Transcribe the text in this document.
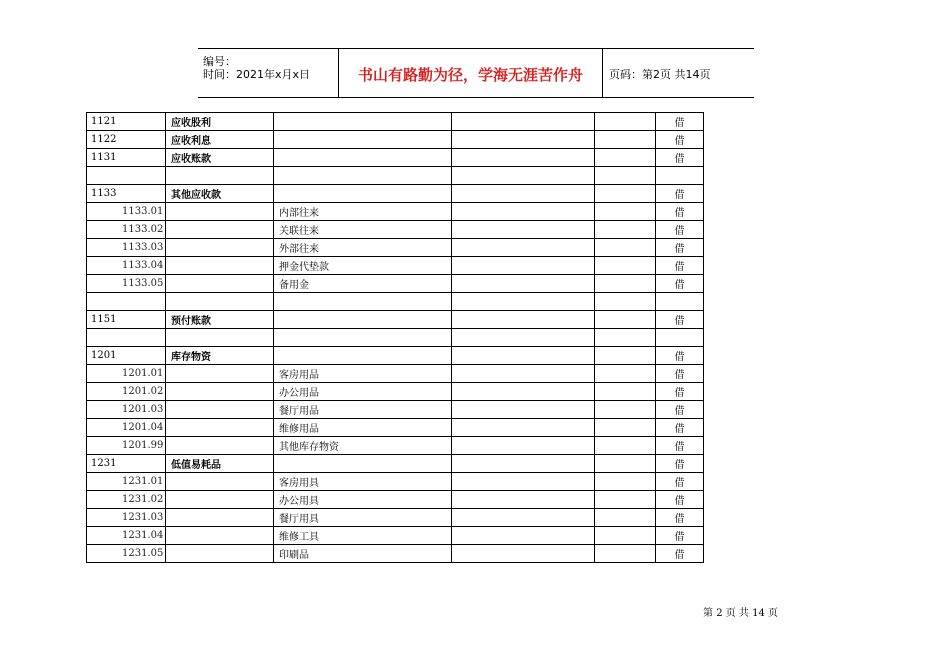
编号：
时间：2021年x月x日	书山有路勤为径，学海无涯苦作舟	页码：第2页 共14页
1121	应收股利				借
1122	应收利息				借
1131	应收账款				借

1133	其他应收款				借
1133.01		内部往来			借
1133.02		关联往来			借
1133.03		外部往来			借
1133.04		押金代垫款			借
1133.05		备用金			借

1151	预付账款				借

1201	库存物资				借
1201.01		客房用品			借
1201.02		办公用品			借
1201.03		餐厅用品			借
1201.04		维修用品			借
1201.99		其他库存物资			借
1231	低值易耗品				借
1231.01		客房用具			借
1231.02		办公用具			借
1231.03		餐厅用具			借
1231.04		维修工具			借
1231.05		印刷品			借
第 2 页 共 14 页
